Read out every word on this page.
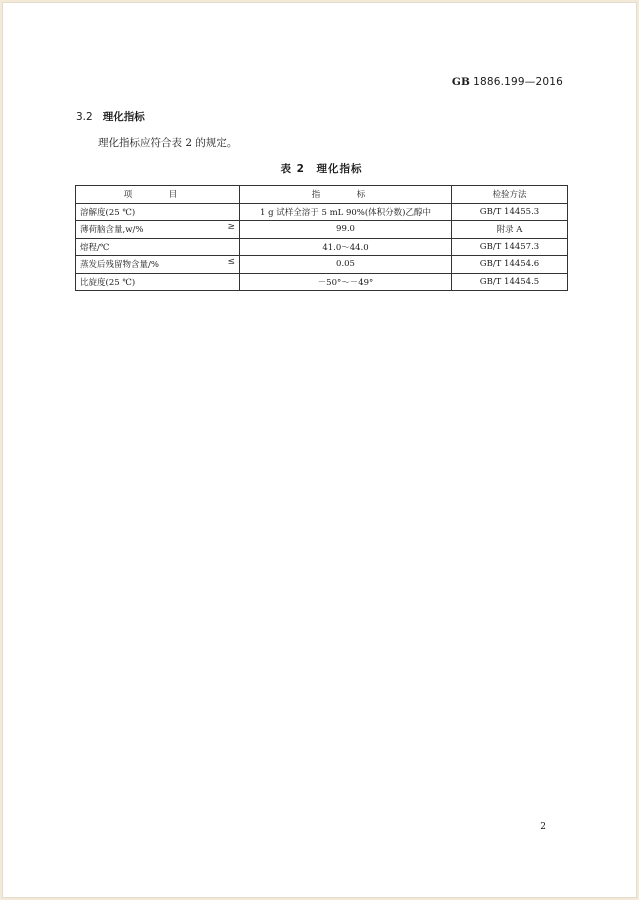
GB 1886.199—2016
3.2 理化指标
理化指标应符合表 2 的规定。
表 2　理化指标
项　目	指　标	检验方法
溶解度(25 ℃)	1 g 试样全溶于 5 mL 90%(体积分数)乙醇中	GB/T 14455.3
薄荷脑含量,w/% ≥	99.0	附录 A
熔程/℃	41.0～44.0	GB/T 14457.3
蒸发后残留物含量/% ≤	0.05	GB/T 14454.6
比旋度(25 ℃)	－50°～－49°	GB/T 14454.5
2
